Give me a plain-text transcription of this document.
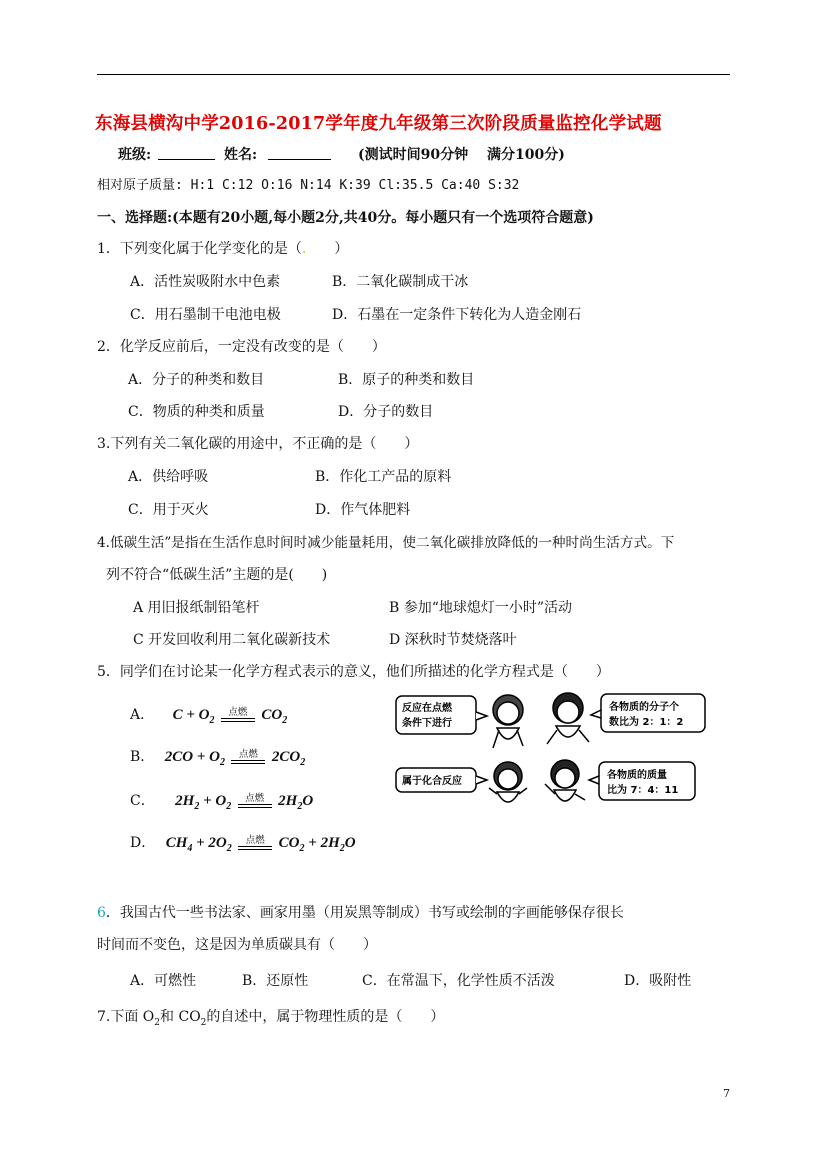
东海县横沟中学2016-2017学年度九年级第三次阶段质量监控化学试题
班级:	姓名:	(测试时间90分钟　 满分100分)
相对原子质量: H:1 C:12 O:16 N:14 K:39 Cl:35.5 Ca:40 S:32
一、选择题:(本题有20小题,每小题2分,共40分。每小题只有一个选项符合题意)
1．下列变化属于化学变化的是（.　　 ）
A．活性炭吸附水中色素	B．二氧化碳制成干冰
C．用石墨制干电池电极	D．石墨在一定条件下转化为人造金刚石
2．化学反应前后，一定没有改变的是（　　）
A．分子的种类和数目	B．原子的种类和数目
C．物质的种类和质量	D．分子的数目
3.下列有关二氧化碳的用途中，不正确的是（　　）
A．供给呼吸	B．作化工产品的原料
C．用于灭火	D．作气体肥料
4.低碳生活”是指在生活作息时间时减少能量耗用，使二氧化碳排放降低的一种时尚生活方式。下
列不符合“低碳生活”主题的是(　　)
A 用旧报纸制铅笔杆	B 参加“地球熄灯一小时”活动
C 开发回收利用二氧化碳新技术	D 深秋时节焚烧落叶
5．同学们在讨论某一化学方程式表示的意义，他们所描述的化学方程式是（　　）
A． $C + O_2$
点燃 $CO_2$
B． $2CO + O_2$
点燃 $2CO_2$
C． $2H_2 + O_2$
点燃 $2H_2O$
D． $CH_4 + 2O_2$
点燃 $CO_2 + 2H_2O$
反应在点燃
条件下进行
各物质的分子个
数比为 2：1：2
属于化合反应
各物质的质量
比为 7：4：11
6．我国古代一些书法家、画家用墨（用炭黑等制成）书写或绘制的字画能够保存很长
时间而不变色，这是因为单质碳具有（　　）
A．可燃性	B．还原性	C．在常温下，化学性质不活泼	D．吸附性
7.下面 $O_2$和 $CO_2$的自述中，属于物理性质的是（　　）
7
